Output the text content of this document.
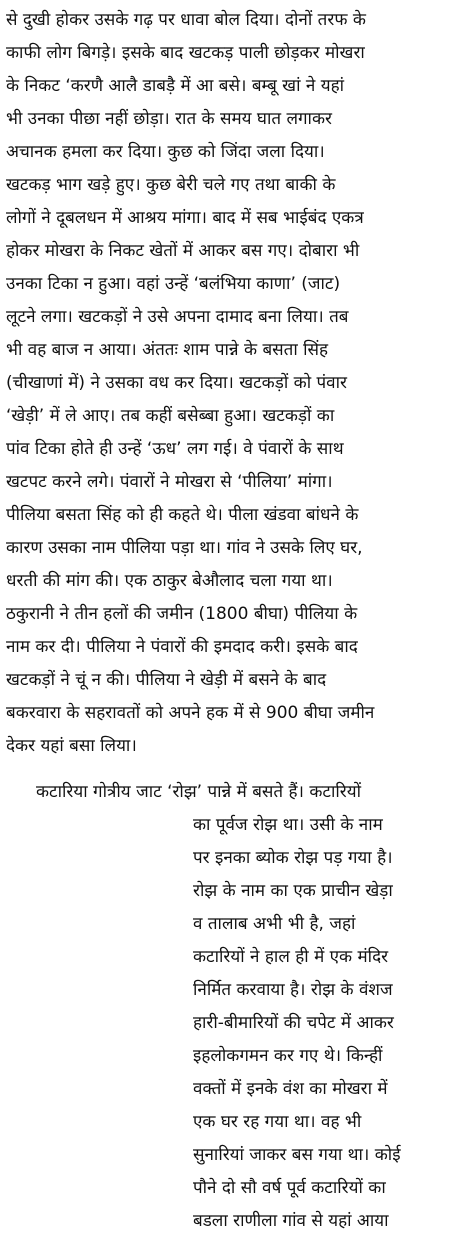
से दुखी होकर उसके गढ़ पर धावा बोल दिया। दोनों तरफ के
काफी लोग बिगड़े। इसके बाद खटकड़ पाली छोड़कर मोखरा
के निकट ‘करणै आलै डाबड़ै में आ बसे। बम्बू खां ने यहां
भी उनका पीछा नहीं छोड़ा। रात के समय घात लगाकर
अचानक हमला कर दिया। कुछ को जिंदा जला दिया।
खटकड़ भाग खड़े हुए। कुछ बेरी चले गए तथा बाकी के
लोगों ने दूबलधन में आश्रय मांगा। बाद में सब भाईबंद एकत्र
होकर मोखरा के निकट खेतों में आकर बस गए। दोबारा भी
उनका टिका न हुआ। वहां उन्हें ‘बलंभिया काणा’ (जाट)
लूटने लगा। खटकड़ों ने उसे अपना दामाद बना लिया। तब
भी वह बाज न आया। अंततः शाम पान्ने के बसता सिंह
(चीखाणां में) ने उसका वध कर दिया। खटकड़ों को पंवार
‘खेड़ी’ में ले आए। तब कहीं बसेब्बा हुआ। खटकड़ों का
पांव टिका होते ही उन्हें ‘ऊध’ लग गई। वे पंवारों के साथ
खटपट करने लगे। पंवारों ने मोखरा से ‘पीलिया’ मांगा।
पीलिया बसता सिंह को ही कहते थे। पीला खंडवा बांधने के
कारण उसका नाम पीलिया पड़ा था। गांव ने उसके लिए घर,
धरती की मांग की। एक ठाकुर बेऔलाद चला गया था।
ठकुरानी ने तीन हलों की जमीन (1800 बीघा) पीलिया के
नाम कर दी। पीलिया ने पंवारों की इमदाद करी। इसके बाद
खटकड़ों ने चूं न की। पीलिया ने खेड़ी में बसने के बाद
बकरवारा के सहरावतों को अपने हक में से 900 बीघा जमीन
देकर यहां बसा लिया।
कटारिया गोत्रीय जाट ‘रोझ’ पान्ने में बसते हैं। कटारियों
का पूर्वज रोझ था। उसी के नाम
पर इनका ब्योक रोझ पड़ गया है।
रोझ के नाम का एक प्राचीन खेड़ा
व तालाब अभी भी है, जहां
कटारियों ने हाल ही में एक मंदिर
निर्मित करवाया है। रोझ के वंशज
हारी-बीमारियों की चपेट में आकर
इहलोकगमन कर गए थे। किन्हीं
वक्तों में इनके वंश का मोखरा में
एक घर रह गया था। वह भी
सुनारियां जाकर बस गया था। कोई
पौने दो सौ वर्ष पूर्व कटारियों का
बडला राणीला गांव से यहां आया
